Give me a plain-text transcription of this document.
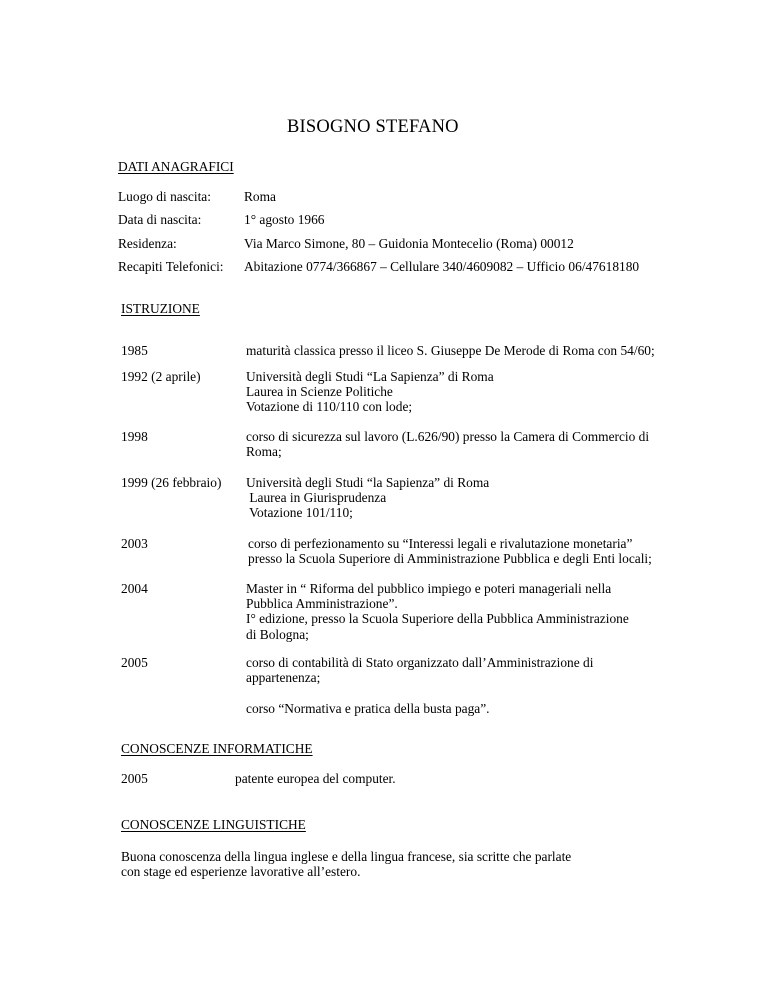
BISOGNO STEFANO
DATI ANAGRAFICI
Luogo di nascita: Roma
Data di nascita:	1° agosto 1966
Residenza:	Via Marco Simone, 80 – Guidonia Montecelio (Roma) 00012
Recapiti Telefonici: Abitazione 0774/366867 – Cellulare 340/4609082 – Ufficio 06/47618180
ISTRUZIONE
1985	maturità classica presso il liceo S. Giuseppe De Merode di Roma con 54/60;
1992 (2 aprile)	Università degli Studi “La Sapienza” di Roma
Laurea in Scienze Politiche
Votazione di 110/110 con lode;
1998	corso di sicurezza sul lavoro (L.626/90) presso la Camera di Commercio di
Roma;
1999 (26 febbraio) Università degli Studi “la Sapienza” di Roma
Laurea in Giurisprudenza
Votazione 101/110;
2003	corso di perfezionamento su “Interessi legali e rivalutazione monetaria”
presso la Scuola Superiore di Amministrazione Pubblica e degli Enti locali;
2004	Master in “ Riforma del pubblico impiego e poteri manageriali nella
Pubblica Amministrazione”.
I° edizione, presso la Scuola Superiore della Pubblica Amministrazione
di Bologna;
2005	corso di contabilità di Stato organizzato dall’Amministrazione di
appartenenza;
corso “Normativa e pratica della busta paga”.
CONOSCENZE INFORMATICHE
2005	patente europea del computer.
CONOSCENZE LINGUISTICHE
Buona conoscenza della lingua inglese e della lingua francese, sia scritte che parlate
con stage ed esperienze lavorative all’estero.
